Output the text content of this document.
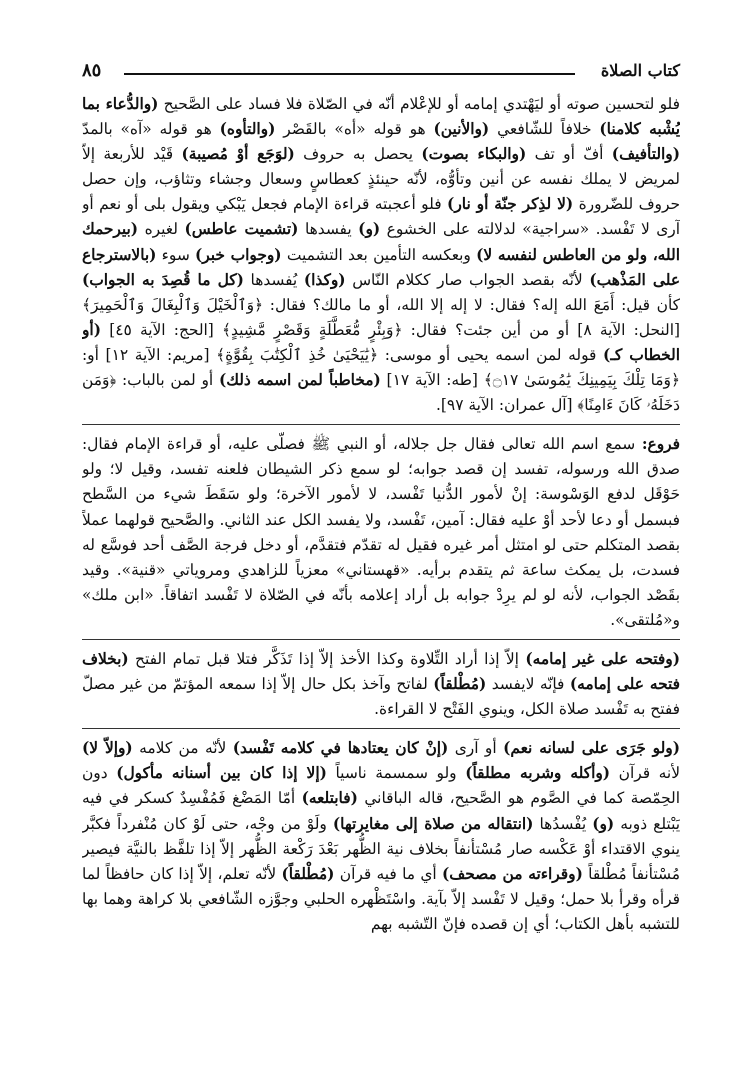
٨٥	كتاب الصلاة

فلو لتحسين صوته أو ليَهْتدي إمامه أو للإعْلام أنّه في الصّلاة فلا فساد على الصَّحيح (والدُّعاء بما يُشْبه كلامنا) خلافاً للشّافعي (والأنين) هو قوله «أه» بالقَصْر (والتأوه) هو قوله «آه» بالمدّ (والتأفيف) أفّ أو تف (والبكاء بصوت) يحصل به حروف (لوَجَع أوْ مُصيبة) قَيْد للأربعة إلاّ لمريض لا يملك نفسه عن أنين وتأوُّه، لأنّه حينئذٍ كعطاسٍ وسعال وجشاء وتثاؤب، وإن حصل حروف للضّرورة (لا لذِكر جنّة أو نار) فلو أعجبته قراءة الإمام فجعل يَبْكي ويقول بلى أو نعم أو آرى لا تَفْسد. «سراجية» لدلالته على الخشوع (و) يفسدها (تشميت عاطس) لغيره (بيرحمك الله، ولو من العاطس لنفسه لا) وبعكسه التأمين بعد التشميت (وجواب خبر) سوء (بالاسترجاع على المَذْهب) لأنّه بقصد الجواب صار ككلام النّاس (وكذا) يُفسدها (كل ما قُصِدَ به الجواب) كأن قيل: أَمَعَ الله إله؟ فقال: لا إله إلا الله، أو ما مالك؟ فقال: ﴿وَٱلْخَيْلَ وَٱلْبِغَالَ وَٱلْحَمِيرَ﴾ [النحل: الآية ٨] أو من أين جئت؟ فقال: ﴿وَبِئْرٍ مُّعَطَّلَةٍ وَقَصْرٍ مَّشِيدٍ﴾ [الحج: الآية ٤٥] (أو الخطاب كـ) قوله لمن اسمه يحيى أو موسى: ﴿يَٰيَحْيَىٰ خُذِ ٱلْكِتَٰبَ بِقُوَّةٍ﴾ [مريم: الآية ١٢] أو: ﴿وَمَا تِلْكَ بِيَمِينِكَ يَٰمُوسَىٰ ۝١٧﴾ [طه: الآية ١٧] (مخاطباً لمن اسمه ذلك) أو لمن بالباب: ﴿وَمَن دَخَلَهُۥ كَانَ ءَامِنًا﴾ [آل عمران: الآية ٩٧].

فروع: سمع اسم الله تعالى فقال جل جلاله، أو النبي ﷺ فصلّى عليه، أو قراءة الإمام فقال: صدق الله ورسوله، تفسد إن قصد جوابه؛ لو سمع ذكر الشيطان فلعنه تفسد، وقيل لا؛ ولو حَوْقَل لدفع الوَسْوسة: إنْ لأمور الدُّنيا تَفْسد، لا لأمور الآخرة؛ ولو سَقَطَ شيء من السَّطح فبسمل أو دعا لأحد أوْ عليه فقال: آمين، تَفْسد، ولا يفسد الكل عند الثاني. والصَّحيح قولهما عملاً بقصد المتكلم حتى لو امتثل أمر غيره فقيل له تقدّم فتقدَّم، أو دخل فرجة الصَّف أحد فوسَّع له فسدت، بل يمكث ساعة ثم يتقدم برأيه. «قهستاني» معزياً للزاهدي ومروياتي «قنية». وقيد بقَصْد الجواب، لأنه لو لم يرِدْ جوابه بل أراد إعلامه بأنّه في الصّلاة لا تَفْسد اتفاقاً. «ابن ملك» و«مُلتقى».

(وفتحه على غير إمامه) إلاّ إذا أراد التِّلاوة وكذا الأخذ إلاّ إذا تَذَكَّر فتلا قبل تمام الفتح (بخلاف فتحه على إمامه) فإنّه لايفسد (مُطْلقاً) لفاتح وآخذ بكل حال إلاّ إذا سمعه المؤتمّ من غير مصلّ ففتح به تَفْسد صلاة الكل، وينوي الفَتْح لا القراءة.

(ولو جَرَى على لسانه نعم) أو آرى (إنْ كان يعتادها في كلامه تَفْسد) لأنّه من كلامه (وإلاّ لا) لأنه قرآن (وأكله وشربه مطلقاً) ولو سمسمة ناسياً (إلا إذا كان بين أسنانه مأكول) دون الحِمّصة كما في الصَّوم هو الصَّحيح، قاله الباقاني (فابتلعه) أمّا المَضْغ فَمُفْسِدٌ كسكر في فيه يَبْتلع ذوبه (و) يُفْسدُها (انتقاله من صلاة إلى مغايرتها) ولَوْ من وجْه، حتى لَوْ كان مُنْفرداً فكبَّر ينوي الاقتداء أوْ عَكْسه صار مُسْتأنفاً بخلاف نية الظُّهر بَعْدَ رَكْعة الظُّهر إلاّ إذا تلفَّظ بالنيَّة فيصير مُسْتأنفاً مُطْلقاً (وقراءته من مصحف) أي ما فيه قرآن (مُطْلقاً) لأنّه تعلم، إلاّ إذا كان حافظاً لما قرأه وقرأ بلا حمل؛ وقيل لا تَفْسد إلاّ بآية. واسْتَظْهره الحلبي وجوَّزه الشّافعي بلا كراهة وهما بها للتشبه بأهل الكتاب؛ أي إن قصده فإنّ التّشبه بهم
